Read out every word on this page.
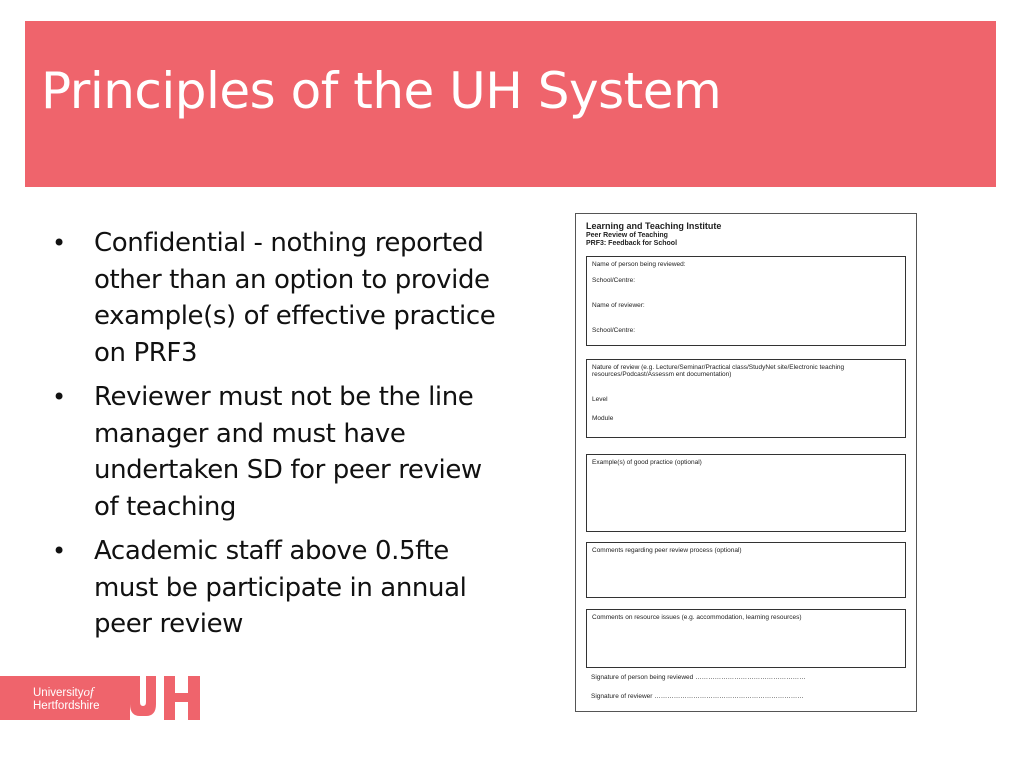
Principles of the UH System
• Confidential - nothing reported other than an option to provide example(s) of effective practice on PRF3
• Reviewer must not be the line manager and must have undertaken SD for peer review of teaching
• Academic staff above 0.5fte must be participate in annual peer review
Learning and Teaching Institute
Peer Review of Teaching
PRF3: Feedback for School
Name of person being reviewed:
School/Centre:
Name of reviewer:
School/Centre:
Nature of review (e.g. Lecture/Seminar/Practical class/StudyNet site/Electronic teaching
resources/Podcast/Assessm ent documentation)
Level
Module
Example(s) of good practice (optional)
Comments regarding peer review process (optional)
Comments on resource issues (e.g. accommodation, learning resources)
Signature of person being reviewed ……………………………………………
Signature of reviewer ……………………………………………………………
Universityof
Hertfordshire
